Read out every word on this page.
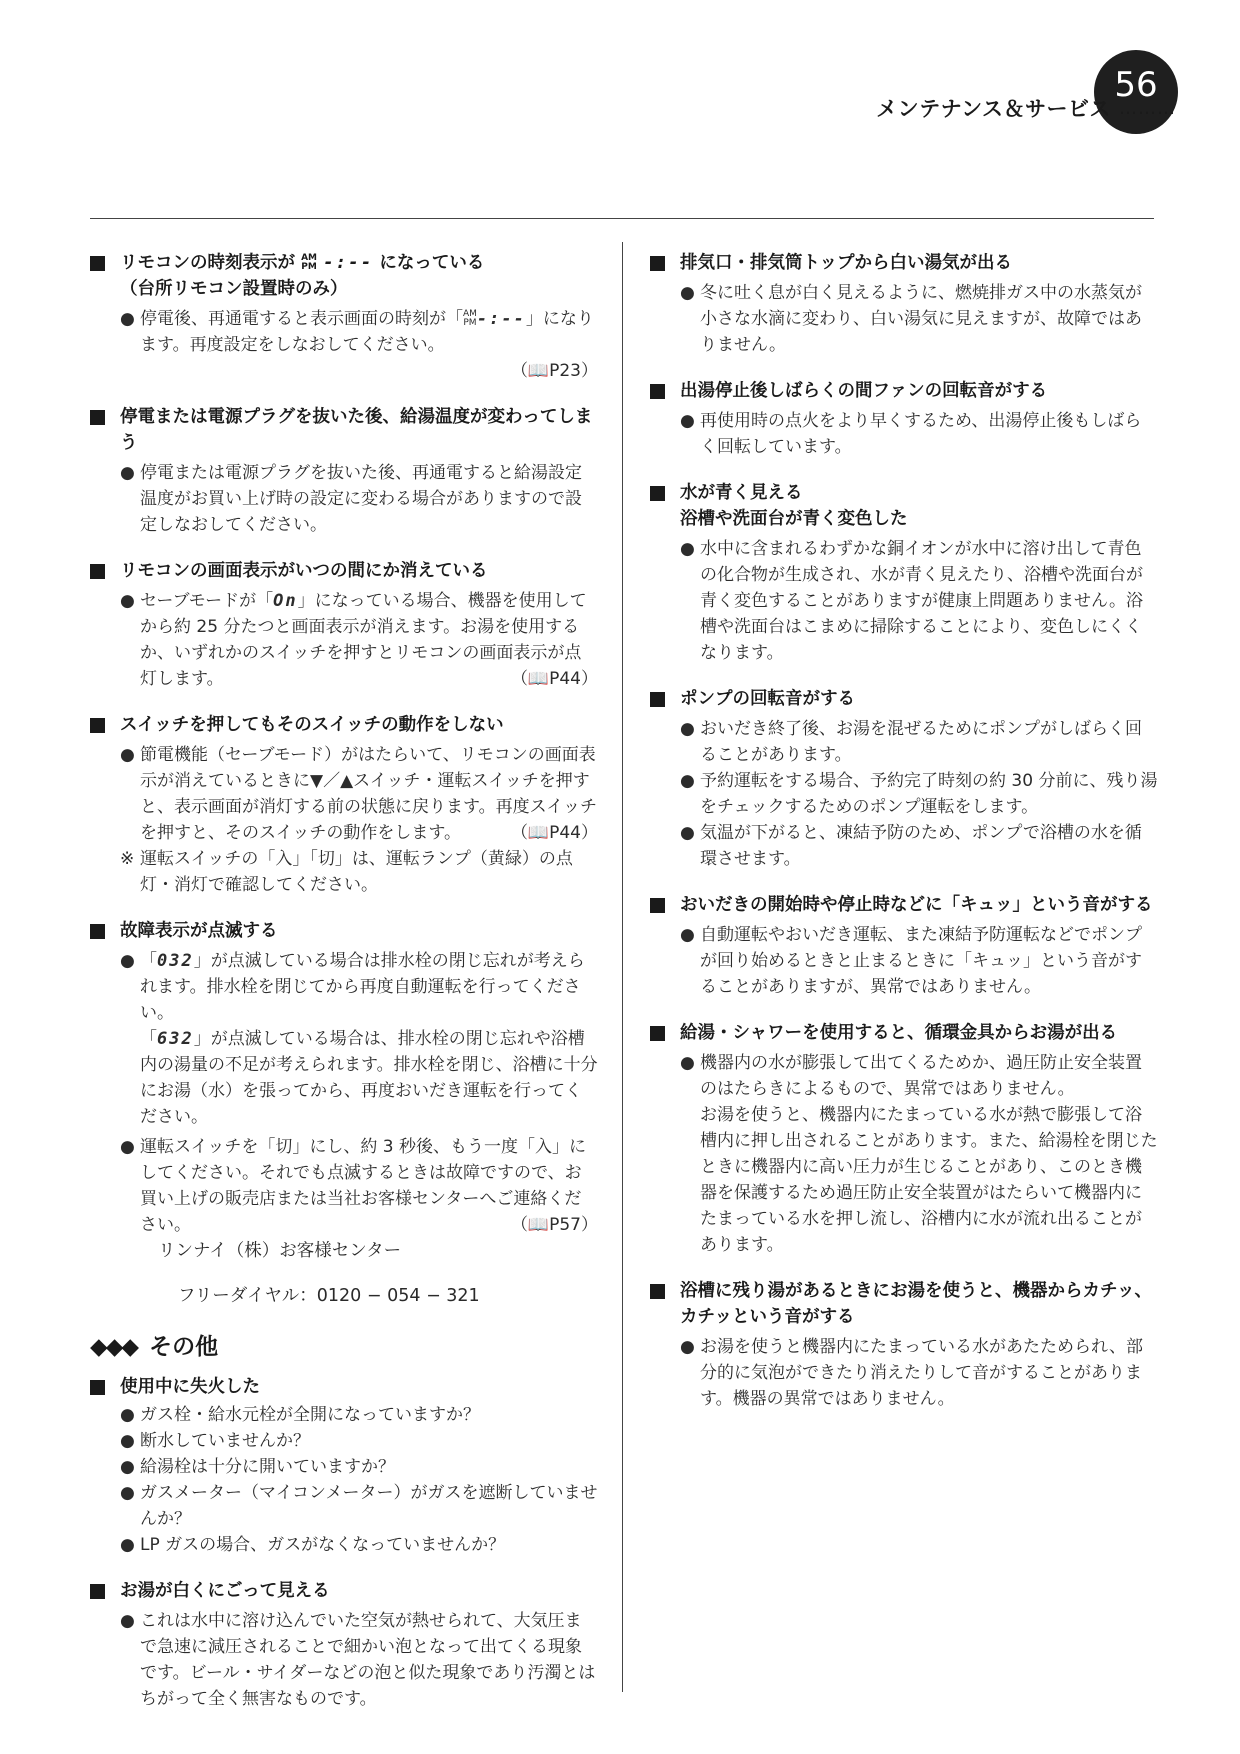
56
メンテナンス＆サービス ………

リモコンの時刻表示が AM
PM -:-- になっている
（台所リモコン設置時のみ）

● 停電後、再通電すると表示画面の時刻が「AM
PM-:--」になります。再度設定をしなおしてください。
（📖P23）

停電または電源プラグを抜いた後、給湯温度が変わってしまう

● 停電または電源プラグを抜いた後、再通電すると給湯設定温度がお買い上げ時の設定に変わる場合がありますので設定しなおしてください。

リモコンの画面表示がいつの間にか消えている

● セーブモードが「On」になっている場合、機器を使用してから約 25 分たつと画面表示が消えます。お湯を使用するか、いずれかのスイッチを押すとリモコンの画面表示が点灯します。	（📖P44）

スイッチを押してもそのスイッチの動作をしない

● 節電機能（セーブモード）がはたらいて、リモコンの画面表示が消えているときに▼／▲スイッチ・運転スイッチを押すと、表示画面が消灯する前の状態に戻ります。再度スイッチを押すと、そのスイッチの動作をします。	（📖P44）

※ 運転スイッチの「入」「切」は、運転ランプ（黄緑）の点灯・消灯で確認してください。

故障表示が点滅する

● 「032」が点滅している場合は排水栓の閉じ忘れが考えられます。排水栓を閉じてから再度自動運転を行ってください。

「632」が点滅している場合は、排水栓の閉じ忘れや浴槽内の湯量の不足が考えられます。排水栓を閉じ、浴槽に十分にお湯（水）を張ってから、再度おいだき運転を行ってください。

● 運転スイッチを「切」にし、約 3 秒後、もう一度「入」にしてください。それでも点滅するときは故障ですので、お買い上げの販売店または当社お客様センターへご連絡ください。	（📖P57）

リンナイ（株）お客様センター

フリーダイヤル：0120 − 054 − 321

◆◆◆ その他

使用中に失火した

● ガス栓・給水元栓が全開になっていますか？

● 断水していませんか？

● 給湯栓は十分に開いていますか？

● ガスメーター（マイコンメーター）がガスを遮断していませんか？

● LP ガスの場合、ガスがなくなっていませんか？

お湯が白くにごって見える

● これは水中に溶け込んでいた空気が熱せられて、大気圧まで急速に減圧されることで細かい泡となって出てくる現象です。ビール・サイダーなどの泡と似た現象であり汚濁とはちがって全く無害なものです。

排気口・排気筒トップから白い湯気が出る

● 冬に吐く息が白く見えるように、燃焼排ガス中の水蒸気が小さな水滴に変わり、白い湯気に見えますが、故障ではありません。

出湯停止後しばらくの間ファンの回転音がする

● 再使用時の点火をより早くするため、出湯停止後もしばらく回転しています。

水が青く見える
浴槽や洗面台が青く変色した

● 水中に含まれるわずかな銅イオンが水中に溶け出して青色の化合物が生成され、水が青く見えたり、浴槽や洗面台が青く変色することがありますが健康上問題ありません。浴槽や洗面台はこまめに掃除することにより、変色しにくくなります。

ポンプの回転音がする

● おいだき終了後、お湯を混ぜるためにポンプがしばらく回ることがあります。

● 予約運転をする場合、予約完了時刻の約 30 分前に、残り湯をチェックするためのポンプ運転をします。

● 気温が下がると、凍結予防のため、ポンプで浴槽の水を循環させます。

おいだきの開始時や停止時などに「キュッ」という音がする

● 自動運転やおいだき運転、また凍結予防運転などでポンプが回り始めるときと止まるときに「キュッ」という音がすることがありますが、異常ではありません。

給湯・シャワーを使用すると、循環金具からお湯が出る

● 機器内の水が膨張して出てくるためか、過圧防止安全装置のはたらきによるもので、異常ではありません。

お湯を使うと、機器内にたまっている水が熱で膨張して浴槽内に押し出されることがあります。また、給湯栓を閉じたときに機器内に高い圧力が生じることがあり、このとき機器を保護するため過圧防止安全装置がはたらいて機器内にたまっている水を押し流し、浴槽内に水が流れ出ることがあります。

浴槽に残り湯があるときにお湯を使うと、機器からカチッ、カチッという音がする

● お湯を使うと機器内にたまっている水があたためられ、部分的に気泡ができたり消えたりして音がすることがあります。機器の異常ではありません。
